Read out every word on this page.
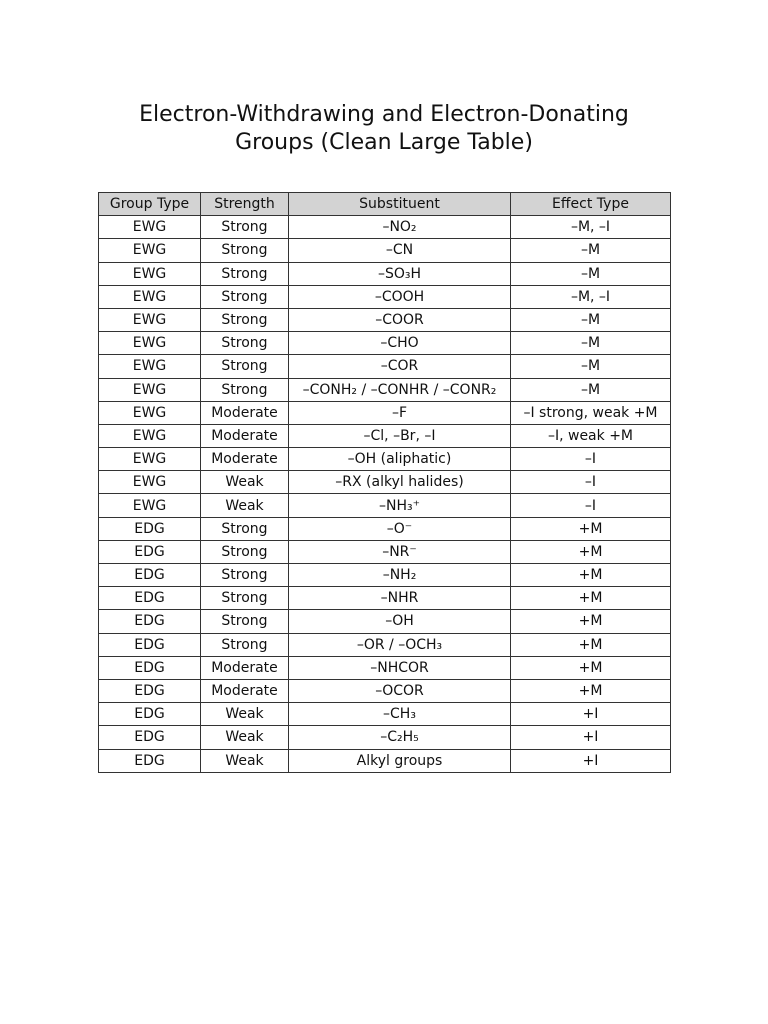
Electron-Withdrawing and Electron-Donating
Groups (Clean Large Table)
Group Type	Strength	Substituent	Effect Type
EWG	Strong	–NO₂	–M, –I
EWG	Strong	–CN	–M
EWG	Strong	–SO₃H	–M
EWG	Strong	–COOH	–M, –I
EWG	Strong	–COOR	–M
EWG	Strong	–CHO	–M
EWG	Strong	–COR	–M
EWG	Strong	–CONH₂ / –CONHR / –CONR₂	–M
EWG	Moderate	–F	–I strong, weak +M
EWG	Moderate	–Cl, –Br, –I	–I, weak +M
EWG	Moderate	–OH (aliphatic)	–I
EWG	Weak	–RX (alkyl halides)	–I
EWG	Weak	–NH₃⁺	–I
EDG	Strong	–O⁻	+M
EDG	Strong	–NR⁻	+M
EDG	Strong	–NH₂	+M
EDG	Strong	–NHR	+M
EDG	Strong	–OH	+M
EDG	Strong	–OR / –OCH₃	+M
EDG	Moderate	–NHCOR	+M
EDG	Moderate	–OCOR	+M
EDG	Weak	–CH₃	+I
EDG	Weak	–C₂H₅	+I
EDG	Weak	Alkyl groups	+I
